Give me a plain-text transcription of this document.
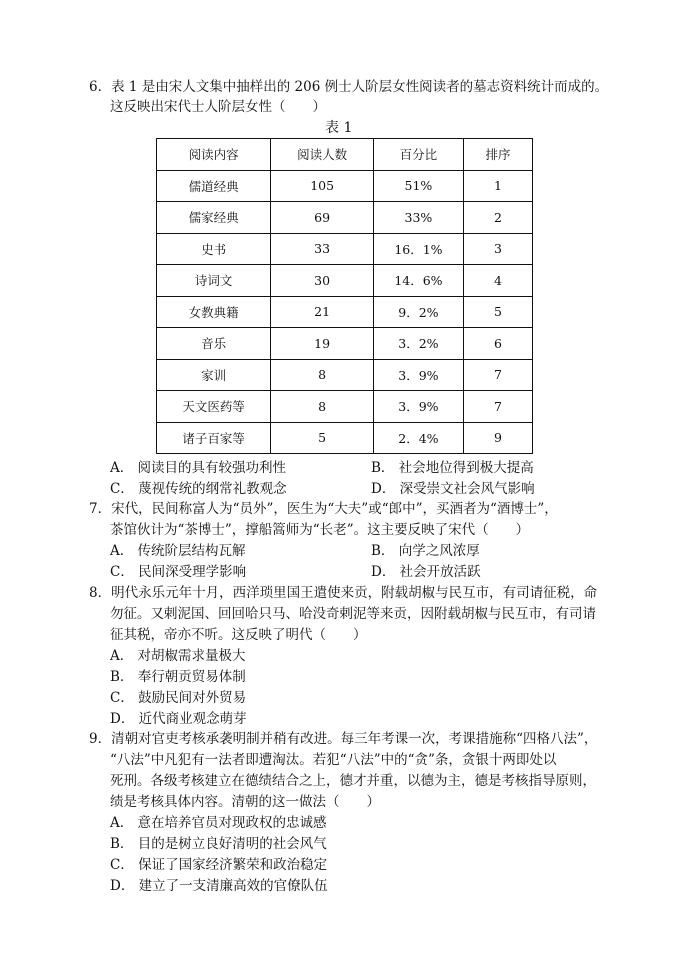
6．表 1 是由宋人文集中抽样出的 206 例士人阶层女性阅读者的墓志资料统计而成的。
这反映出宋代士人阶层女性（　　）
表 1
阅读内容	阅读人数	百分比	排序
儒道经典	105	51%	1
儒家经典	69	33%	2
史书	33	16．1%	3
诗词文	30	14．6%	4
女教典籍	21	9．2%	5
音乐	19	3．2%	6
家训	8	3．9%	7
天文医药等	8	3．9%	7
诸子百家等	5	2．4%	9
A． 阅读目的具有较强功利性	B． 社会地位得到极大提高
C． 蔑视传统的纲常礼教观念	D． 深受崇文社会风气影响
7．宋代，民间称富人为“员外”，医生为“大夫”或“郎中”，买酒者为“酒博士”，
茶馆伙计为“茶博士”，撑船篙师为“长老”。这主要反映了宋代（　　）
A． 传统阶层结构瓦解	B． 向学之风浓厚
C． 民间深受理学影响	D． 社会开放活跃
8．明代永乐元年十月，西洋琐里国王遣使来贡，附载胡椒与民互市，有司请征税，命
勿征。又剌泥国、回回哈只马、哈没奇剌泥等来贡，因附载胡椒与民互市，有司请
征其税，帝亦不听。这反映了明代（　　）
A． 对胡椒需求量极大
B． 奉行朝贡贸易体制
C． 鼓励民间对外贸易
D． 近代商业观念萌芽
9．清朝对官吏考核承袭明制并稍有改进。每三年考课一次，考课措施称“四格八法”，
“八法”中凡犯有一法者即遭淘汰。若犯“八法”中的“贪”条，贪银十两即处以
死刑。各级考核建立在德绩结合之上，德才并重，以德为主，德是考核指导原则，
绩是考核具体内容。清朝的这一做法（　　）
A． 意在培养官员对现政权的忠诚感
B． 目的是树立良好清明的社会风气
C． 保证了国家经济繁荣和政治稳定
D． 建立了一支清廉高效的官僚队伍
